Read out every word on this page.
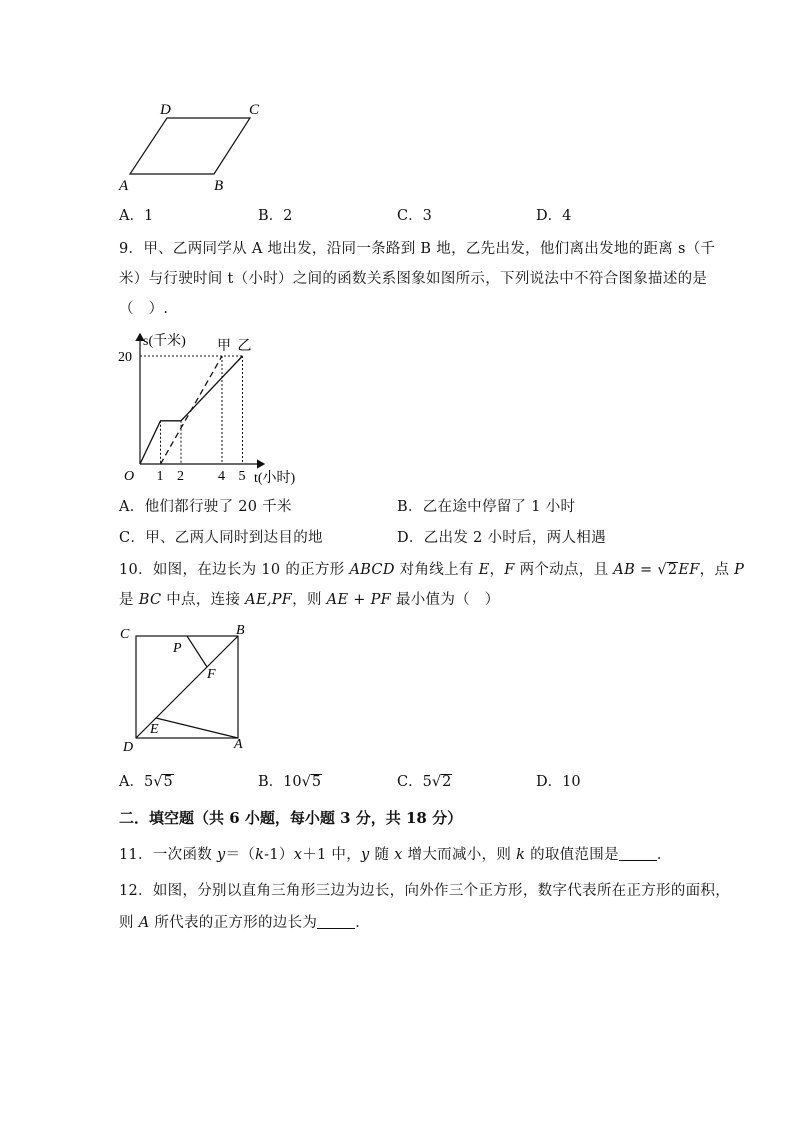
D	C
A	B
A．1	B．2	C．3	D．4
9．甲、乙两同学从 A 地出发，沿同一条路到 B 地，乙先出发，他们离出发地的距离 s（千
米）与行驶时间 t（小时）之间的函数关系图象如图所示，下列说法中不符合图象描述的是
（　）.
s(千米)
t(小时)
O
甲 乙
1 2 4 5
20
A．他们都行驶了 20 千米	B．乙在途中停留了 1 小时
C．甲、乙两人同时到达目的地	D．乙出发 2 小时后，两人相遇
10．如图，在边长为 10 的正方形 ABCD 对角线上有 E，F 两个动点，且 AB = √2EF，点 P
是 BC 中点，连接 AE,PF，则 AE + PF 最小值为（　）
C	B
P
F
E
D	A
A．5√5	B．10√5	C．5√2	D．10
二．填空题（共 6 小题，每小题 3 分，共 18 分）
11．一次函数 y＝（k-1）x＋1 中，y 随 x 增大而减小，则 k 的取值范围是	．
12．如图，分别以直角三角形三边为边长，向外作三个正方形，数字代表所在正方形的面积，
则 A 所代表的正方形的边长为	．
